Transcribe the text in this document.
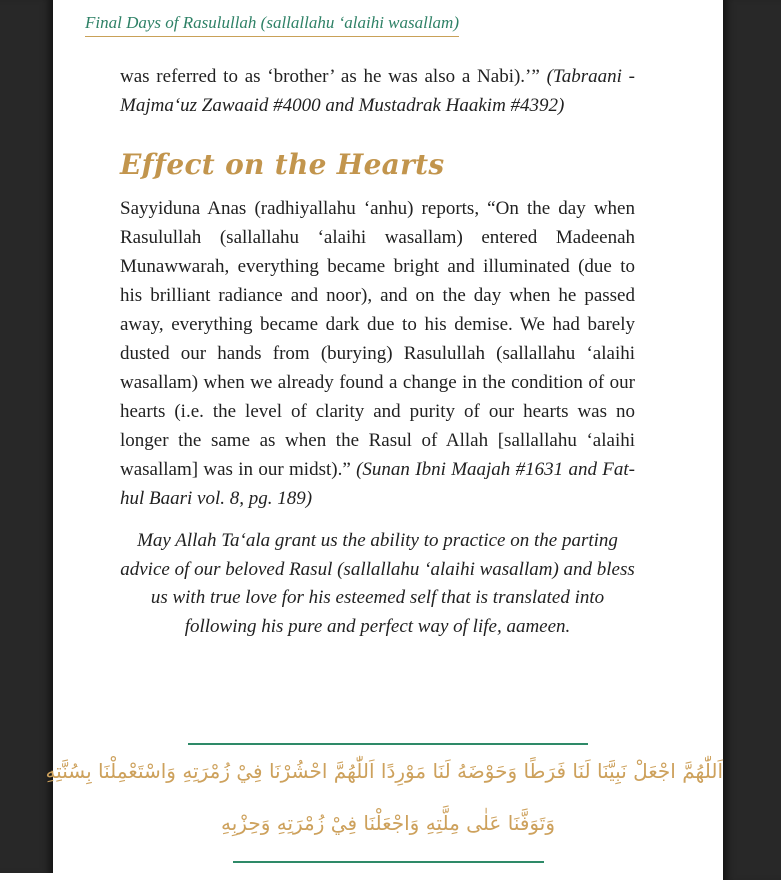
Final Days of Rasulullah (sallallahu ‘alaihi wasallam)

was referred to as ‘brother’ as he was also a Nabi).’” (Tabraani - Majma‘uz Zawaaid #4000 and Mustadrak Haakim #4392)

Effect on the Hearts

Sayyiduna Anas (radhiyallahu ‘anhu) reports, “On the day when Rasulullah (sallallahu ‘alaihi wasallam) entered Madeenah Munawwarah, everything became bright and illuminated (due to his brilliant radiance and noor), and on the day when he passed away, everything became dark due to his demise. We had barely dusted our hands from (burying) Rasulullah (sallallahu ‘alaihi wasallam) when we already found a change in the condition of our hearts (i.e. the level of clarity and purity of our hearts was no longer the same as when the Rasul of Allah [sallallahu ‘alaihi wasallam] was in our midst).” (Sunan Ibni Maajah #1631 and Fat-hul Baari vol. 8, pg. 189)

May Allah Ta‘ala grant us the ability to practice on the parting advice of our beloved Rasul (sallallahu ‘alaihi wasallam) and bless us with true love for his esteemed self that is translated into following his pure and perfect way of life, aameen.

اَللّٰهُمَّ اجْعَلْ نَبِيَّنَا لَنَا فَرَطًا وَحَوْضَهُ لَنَا مَوْرِدًا اَللّٰهُمَّ احْشُرْنَا فِيْ زُمْرَتِهِ وَاسْتَعْمِلْنَا بِسُنَّتِهِ
وَتَوَفَّنَا عَلٰى مِلَّتِهِ وَاجْعَلْنَا فِيْ زُمْرَتِهِ وَحِزْبِهِ
